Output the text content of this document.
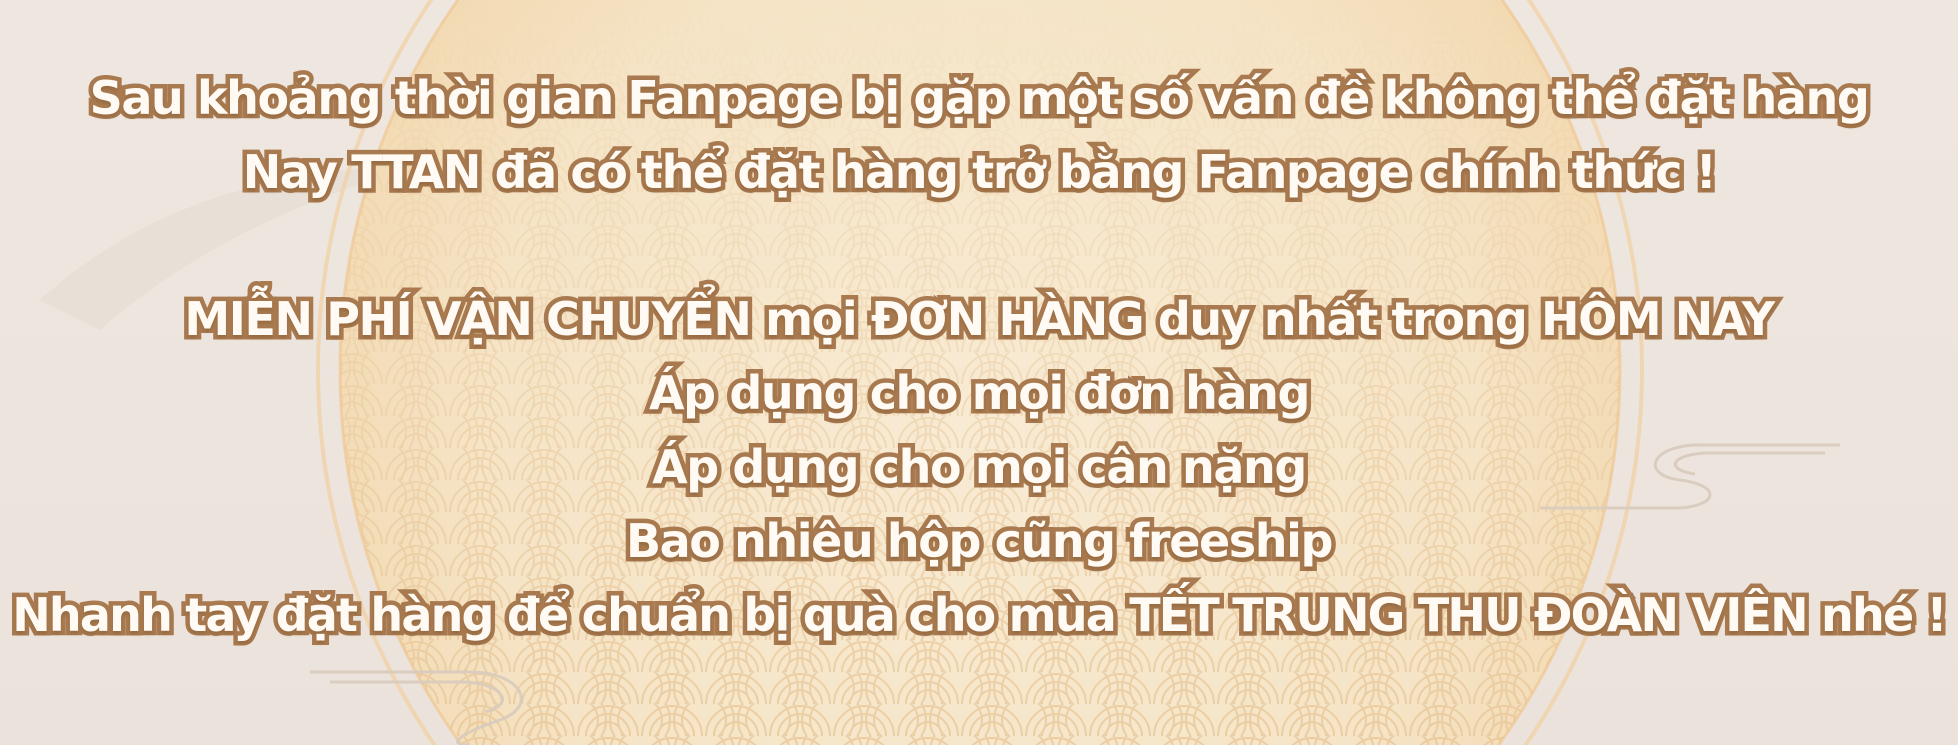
Sau khoảng thời gian Fanpage bị gặp một số vấn đề không thể đặt hàng
Nay TTAN đã có thể đặt hàng trở bằng Fanpage chính thức !
MIỄN PHÍ VẬN CHUYỂN mọi ĐƠN HÀNG duy nhất trong HÔM NAY
Áp dụng cho mọi đơn hàng
Áp dụng cho mọi cân nặng
Bao nhiêu hộp cũng freeship
Nhanh tay đặt hàng để chuẩn bị quà cho mùa TẾT TRUNG THU ĐOÀN VIÊN nhé !
